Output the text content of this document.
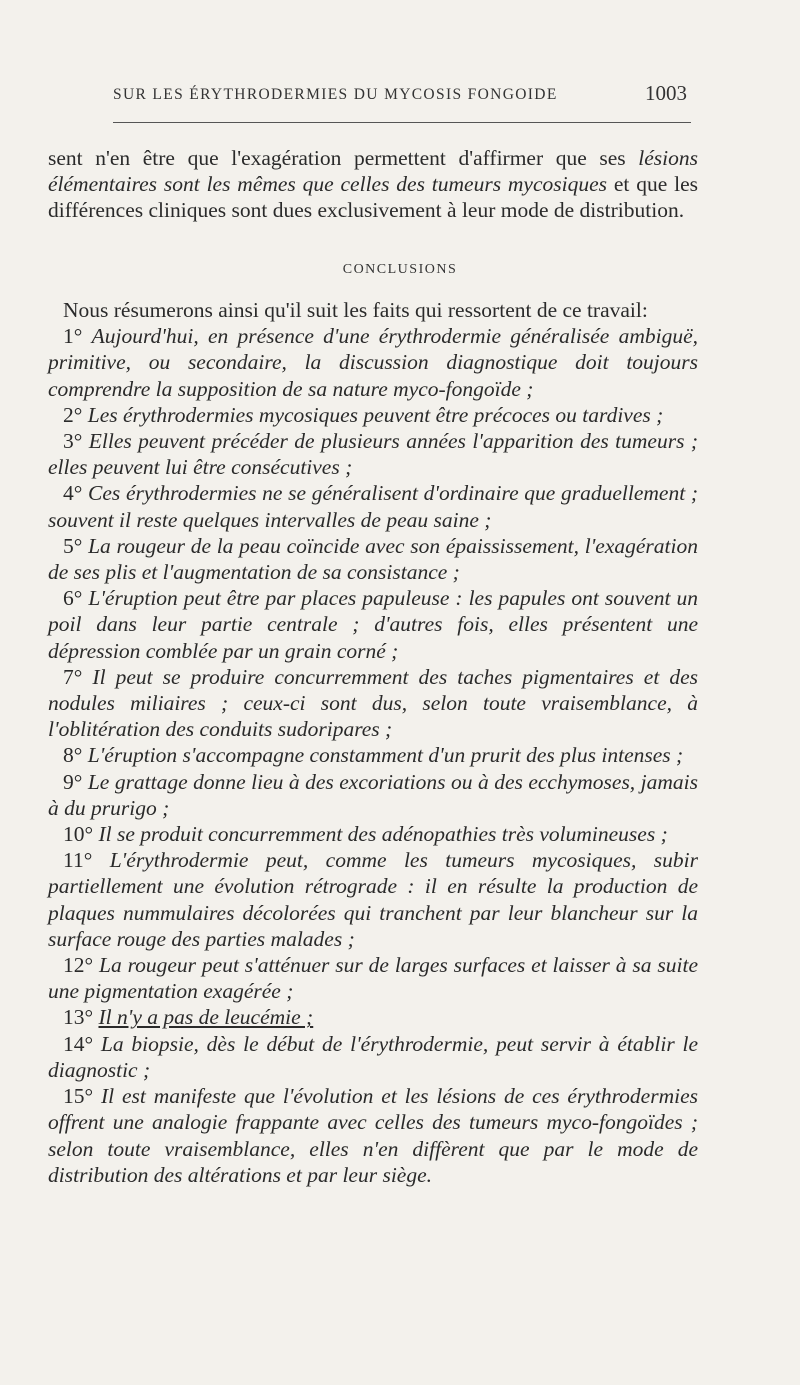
SUR LES ÉRYTHRODERMIES DU MYCOSIS FONGOIDE	1003

sent n'en être que l'exagération permettent d'affirmer que ses lésions élémentaires sont les mêmes que celles des tumeurs mycosiques et que les différences cliniques sont dues exclusivement à leur mode de distribution.

CONCLUSIONS

Nous résumerons ainsi qu'il suit les faits qui ressortent de ce travail:

1° Aujourd'hui, en présence d'une érythrodermie généralisée ambiguë, primitive, ou secondaire, la discussion diagnostique doit toujours comprendre la supposition de sa nature myco-fongoïde ;

2° Les érythrodermies mycosiques peuvent être précoces ou tardives ;

3° Elles peuvent précéder de plusieurs années l'apparition des tumeurs ; elles peuvent lui être consécutives ;

4° Ces érythrodermies ne se généralisent d'ordinaire que graduellement ; souvent il reste quelques intervalles de peau saine ;

5° La rougeur de la peau coïncide avec son épaississement, l'exagération de ses plis et l'augmentation de sa consistance ;

6° L'éruption peut être par places papuleuse : les papules ont souvent un poil dans leur partie centrale ; d'autres fois, elles présentent une dépression comblée par un grain corné ;

7° Il peut se produire concurremment des taches pigmentaires et des nodules miliaires ; ceux-ci sont dus, selon toute vraisemblance, à l'oblitération des conduits sudoripares ;

8° L'éruption s'accompagne constamment d'un prurit des plus intenses ;

9° Le grattage donne lieu à des excoriations ou à des ecchymoses, jamais à du prurigo ;

10° Il se produit concurremment des adénopathies très volumineuses ;

11° L'érythrodermie peut, comme les tumeurs mycosiques, subir partiellement une évolution rétrograde : il en résulte la production de plaques nummulaires décolorées qui tranchent par leur blancheur sur la surface rouge des parties malades ;

12° La rougeur peut s'atténuer sur de larges surfaces et laisser à sa suite une pigmentation exagérée ;

13° Il n'y a pas de leucémie ;

14° La biopsie, dès le début de l'érythrodermie, peut servir à établir le diagnostic ;

15° Il est manifeste que l'évolution et les lésions de ces érythrodermies offrent une analogie frappante avec celles des tumeurs myco-fongoïdes ; selon toute vraisemblance, elles n'en diffèrent que par le mode de distribution des altérations et par leur siège.
